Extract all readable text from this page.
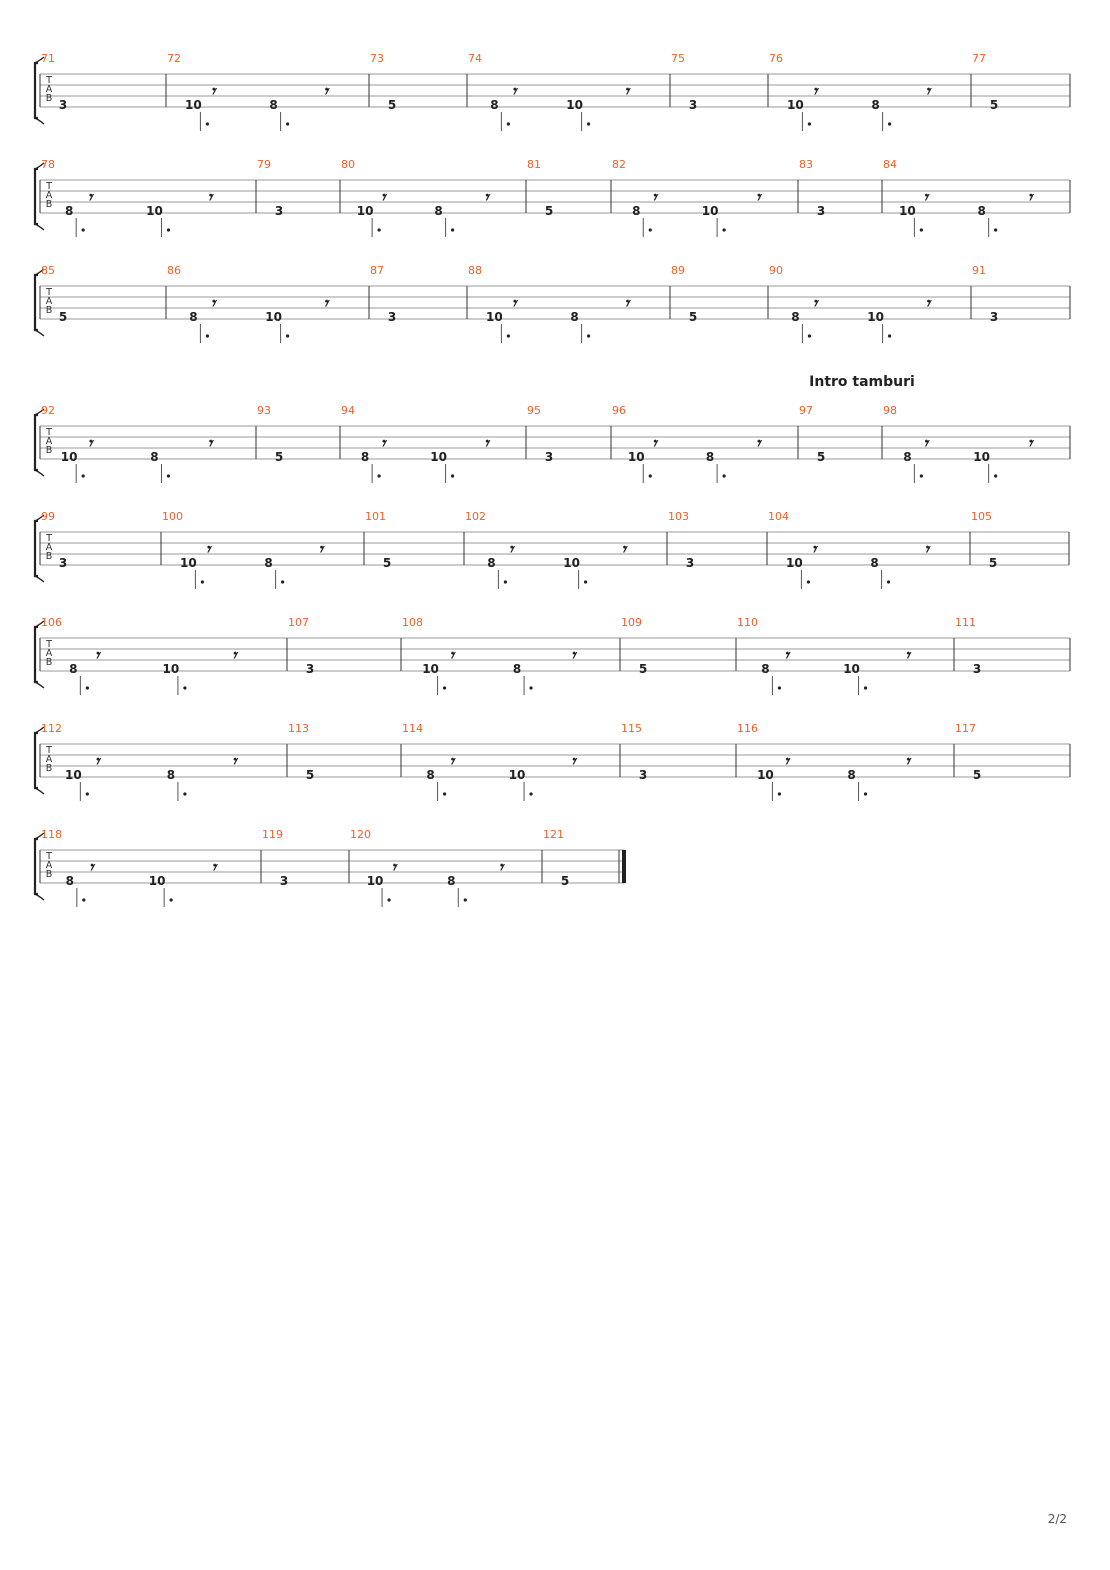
T
A
B
71
3
72
10
𝄾
8
𝄾
73
5
74
8
𝄾
10
𝄾
75
3
76
10
𝄾
8
𝄾
77
5
T
A
B
78
8
𝄾
10
𝄾
79
3
80
10
𝄾
8
𝄾
81
5
82
8
𝄾
10
𝄾
83
3
84
10
𝄾
8
𝄾
T
A
B
85
5
86
8
𝄾
10
𝄾
87
3
88
10
𝄾
8
𝄾
89
5
90
8
𝄾
10
𝄾
91
3
T
A
B
92
10
𝄾
8
𝄾
93
5
94
8
𝄾
10
𝄾
95
3
96
10
𝄾
8
𝄾
97
5
98
8
𝄾
10
𝄾
Intro tamburi
T
A
B
99
3
100
10
𝄾
8
𝄾
101
5
102
8
𝄾
10
𝄾
103
3
104
10
𝄾
8
𝄾
105
5
T
A
B
106
8
𝄾
10
𝄾
107
3
108
10
𝄾
8
𝄾
109
5
110
8
𝄾
10
𝄾
111
3
T
A
B
112
10
𝄾
8
𝄾
113
5
114
8
𝄾
10
𝄾
115
3
116
10
𝄾
8
𝄾
117
5
T
A
B
118
8
𝄾
10
𝄾
119
3
120
10
𝄾
8
𝄾
121
5
2/2
